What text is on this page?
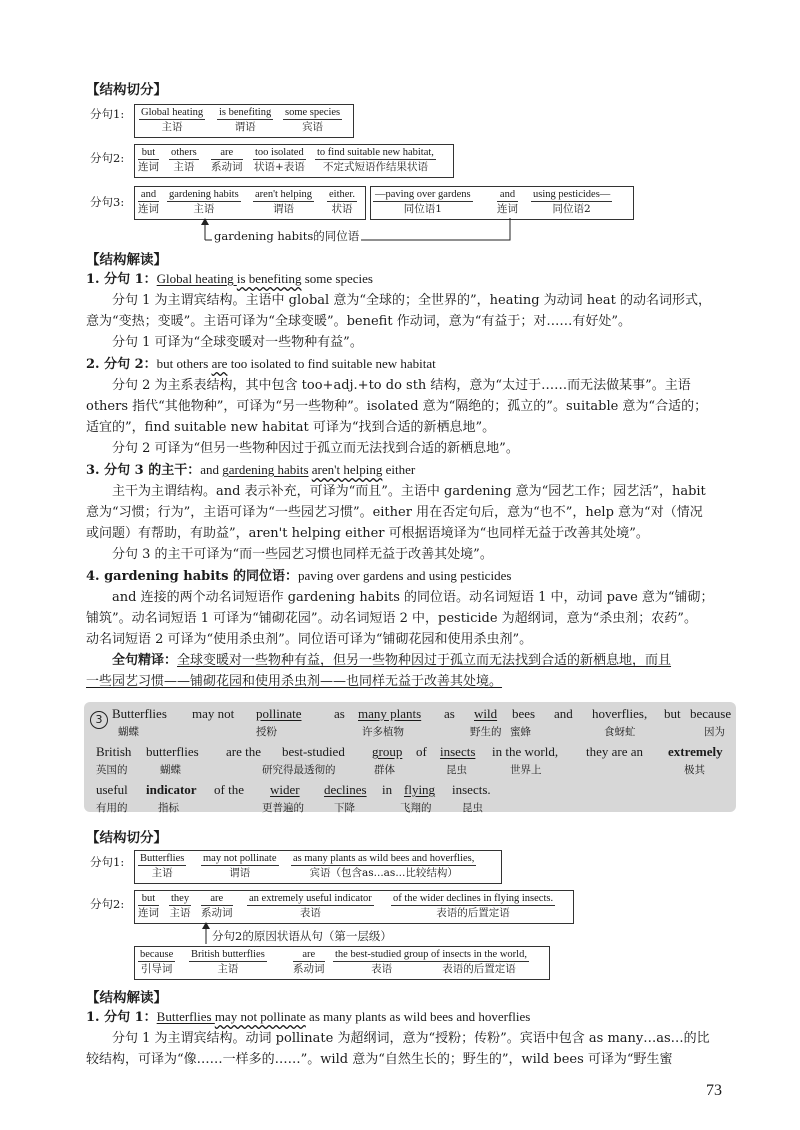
【结构切分】
分句1: Global heating
主语
is benefiting
谓语
some species
宾语
分句2:	but
连词
others
主语
are
系动词
too isolated
状语+表语
to find suitable new habitat,
不定式短语作结果状语
分句3:
and
连词
gardening habits
主语
aren't helping
谓语
either.
状语
—paving over gardens
同位语1
and
连词
using pesticides—
同位语2
gardening habits的同位语
【结构解读】
1. 分句 1：Global heating is benefiting some species
分句 1 为主谓宾结构。主语中 global 意为“全球的；全世界的”，heating 为动词 heat 的动名词形式，
意为“变热；变暖”。主语可译为“全球变暖”。benefit 作动词，意为“有益于；对……有好处”。
分句 1 可译为“全球变暖对一些物种有益”。
2. 分句 2：but others are too isolated to find suitable new habitat
分句 2 为主系表结构，其中包含 too+adj.+to do sth 结构，意为“太过于……而无法做某事”。主语
others 指代“其他物种”，可译为“另一些物种”。isolated 意为“隔绝的；孤立的”。suitable 意为“合适的；
适宜的”，find suitable new habitat 可译为“找到合适的新栖息地”。
分句 2 可译为“但另一些物种因过于孤立而无法找到合适的新栖息地”。
3. 分句 3 的主干：and gardening habits aren't helping either
主干为主谓结构。and 表示补充，可译为“而且”。主语中 gardening 意为“园艺工作；园艺活”，habit
意为“习惯；行为”，主语可译为“一些园艺习惯”。either 用在否定句后，意为“也不”，help 意为“对（情况
或问题）有帮助，有助益”，aren't helping either 可根据语境译为“也同样无益于改善其处境”。
分句 3 的主干可译为“而一些园艺习惯也同样无益于改善其处境”。
4. gardening habits 的同位语：paving over gardens and using pesticides
and 连接的两个动名词短语作 gardening habits 的同位语。动名词短语 1 中，动词 pave 意为“铺砌；
铺筑”。动名词短语 1 可译为“铺砌花园”。动名词短语 2 中，pesticide 为超纲词，意为“杀虫剂；农药”。
动名词短语 2 可译为“使用杀虫剂”。同位语可译为“铺砌花园和使用杀虫剂”。
全句精译：全球变暖对一些物种有益，但另一些物种因过于孤立而无法找到合适的新栖息地，而且
一些园艺习惯——铺砌花园和使用杀虫剂——也同样无益于改善其处境。
3 Butterflies
蝴蝶
may not pollinate
授粉
as many plants
许多植物
as wild
野生的
bees
蜜蜂
and hoverflies,
食蚜虻
but because
因为
British
英国的
butterflies
蝴蝶
are the best-studied
研究得最透彻的
group
群体
of insects
昆虫
in the world,
世界上
they are an extremely
极其
useful
有用的
indicator
指标
of the wider
更普遍的
declines
下降
in flying
飞翔的
insects.
昆虫
【结构切分】
分句1: Butterflies
主语
may not pollinate
谓语
as many plants as wild bees and hoverflies,
宾语（包含as...as...比较结构）
分句2:	but
连词
they
主语
are
系动词
an extremely useful indicator
表语
of the wider declines in flying insects.
表语的后置定语
分句2的原因状语从句（第一层级）
because
引导词
British butterflies
主语
are
系动词
the best-studied group
表语
of insects in the world,
表语的后置定语
【结构解读】
1. 分句 1：Butterflies may not pollinate as many plants as wild bees and hoverflies
分句 1 为主谓宾结构。动词 pollinate 为超纲词，意为“授粉；传粉”。宾语中包含 as many…as…的比
较结构，可译为“像……一样多的……”。wild 意为“自然生长的；野生的”，wild bees 可译为“野生蜜
73
